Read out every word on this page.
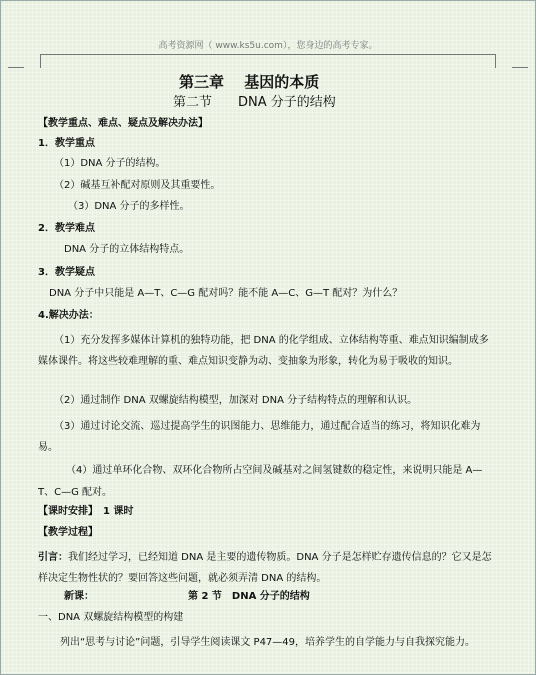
高考资源网（ www.ks5u.com），您身边的高考专家。
第三章　 基因的本质
第二节　　DNA 分子的结构
【教学重点、难点、疑点及解决办法】
1．教学重点
（1）DNA 分子的结构。
（2）碱基互补配对原则及其重要性。
（3）DNA 分子的多样性。
2．教学难点
DNA 分子的立体结构特点。
3．教学疑点
DNA 分子中只能是 A—T、C—G 配对吗？能不能 A—C、G—T 配对？为什么？
4.解决办法：
（1）充分发挥多媒体计算机的独特功能，把 DNA 的化学组成、立体结构等重、难点知识编制成多媒体课件。将这些较难理解的重、难点知识变静为动、变抽象为形象，转化为易于吸收的知识。
（2）通过制作 DNA 双螺旋结构模型，加深对 DNA 分子结构特点的理解和认识。
（3）通过讨论交流、巡过提高学生的识图能力、思维能力，通过配合适当的练习，将知识化难为易。
（4）通过单环化合物、双环化合物所占空间及碱基对之间氢键数的稳定性，来说明只能是 A—T、C—G 配对。
【课时安排】　1 课时
【教学过程】
引言：我们经过学习，已经知道 DNA 是主要的遗传物质。DNA 分子是怎样贮存遗传信息的？它又是怎样决定生物性状的？要回答这些问题，就必须弄清 DNA 的结构。
新课：	第 2 节　DNA 分子的结构
一、DNA 双螺旋结构模型的构建
列出“思考与讨论”问题，引导学生阅读课文 P47—49，培养学生的自学能力与自我探究能力。
